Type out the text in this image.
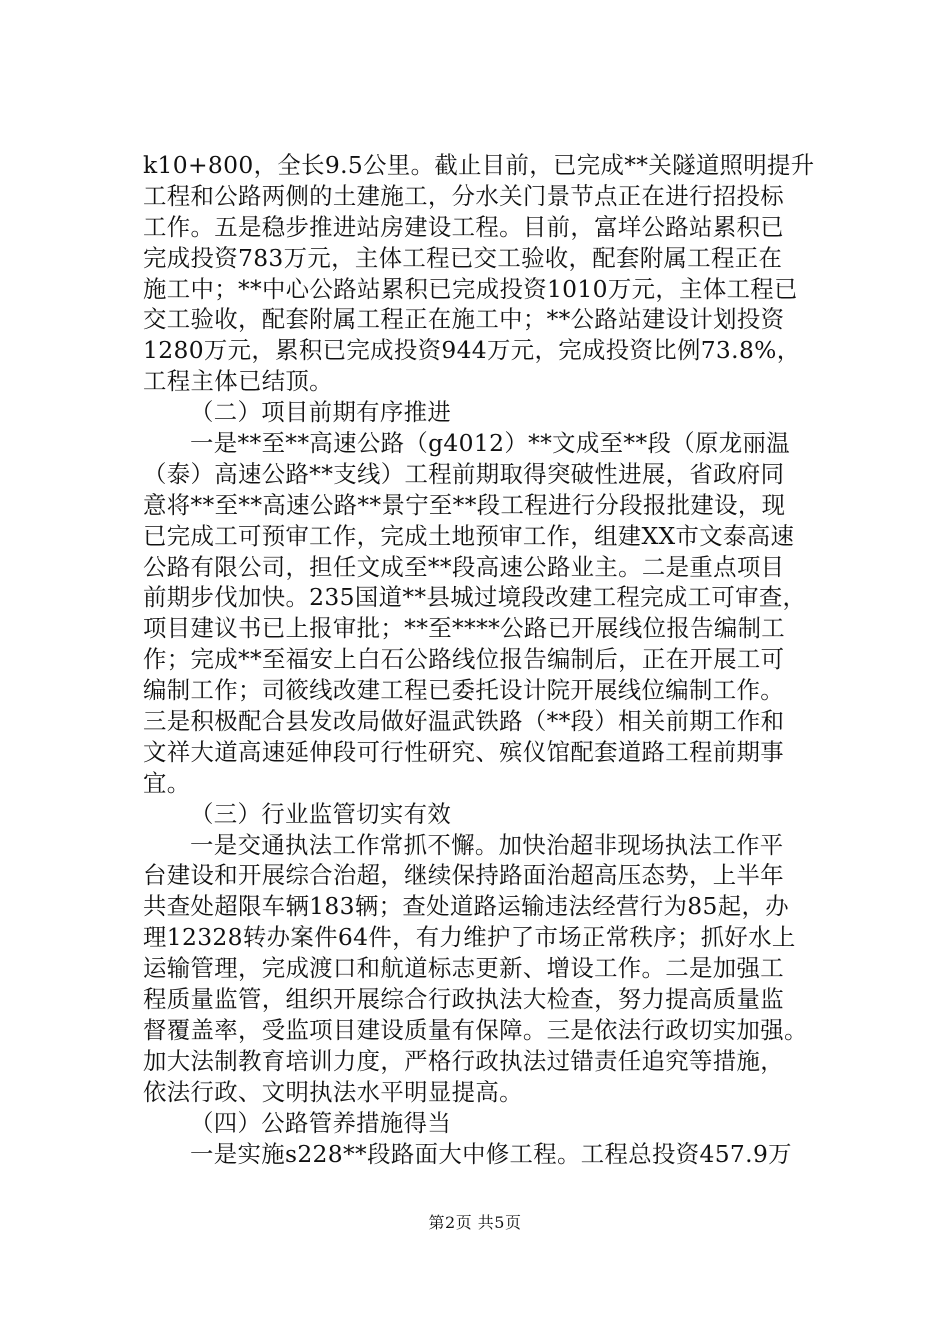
k10+800，全长9.5公里。截止目前，已完成**关隧道照明提升
工程和公路两侧的土建施工，分水关门景节点正在进行招投标
工作。五是稳步推进站房建设工程。目前，富垟公路站累积已
完成投资783万元，主体工程已交工验收，配套附属工程正在
施工中；**中心公路站累积已完成投资1010万元，主体工程已
交工验收，配套附属工程正在施工中；**公路站建设计划投资
1280万元，累积已完成投资944万元，完成投资比例73.8%，
工程主体已结顶。
（二）项目前期有序推进
一是**至**高速公路（g4012）**文成至**段（原龙丽温
（泰）高速公路**支线）工程前期取得突破性进展，省政府同
意将**至**高速公路**景宁至**段工程进行分段报批建设，现
已完成工可预审工作，完成土地预审工作，组建XX市文泰高速
公路有限公司，担任文成至**段高速公路业主。二是重点项目
前期步伐加快。235国道**县城过境段改建工程完成工可审查，
项目建议书已上报审批；**至****公路已开展线位报告编制工
作；完成**至福安上白石公路线位报告编制后，正在开展工可
编制工作；司筱线改建工程已委托设计院开展线位编制工作。
三是积极配合县发改局做好温武铁路（**段）相关前期工作和
文祥大道高速延伸段可行性研究、殡仪馆配套道路工程前期事
宜。
（三）行业监管切实有效
一是交通执法工作常抓不懈。加快治超非现场执法工作平
台建设和开展综合治超，继续保持路面治超高压态势，上半年
共查处超限车辆183辆；查处道路运输违法经营行为85起，办
理12328转办案件64件，有力维护了市场正常秩序；抓好水上
运输管理，完成渡口和航道标志更新、增设工作。二是加强工
程质量监管，组织开展综合行政执法大检查，努力提高质量监
督覆盖率，受监项目建设质量有保障。三是依法行政切实加强。
加大法制教育培训力度，严格行政执法过错责任追究等措施，
依法行政、文明执法水平明显提高。
（四）公路管养措施得当
一是实施s228**段路面大中修工程。工程总投资457.9万
第2页 共5页
